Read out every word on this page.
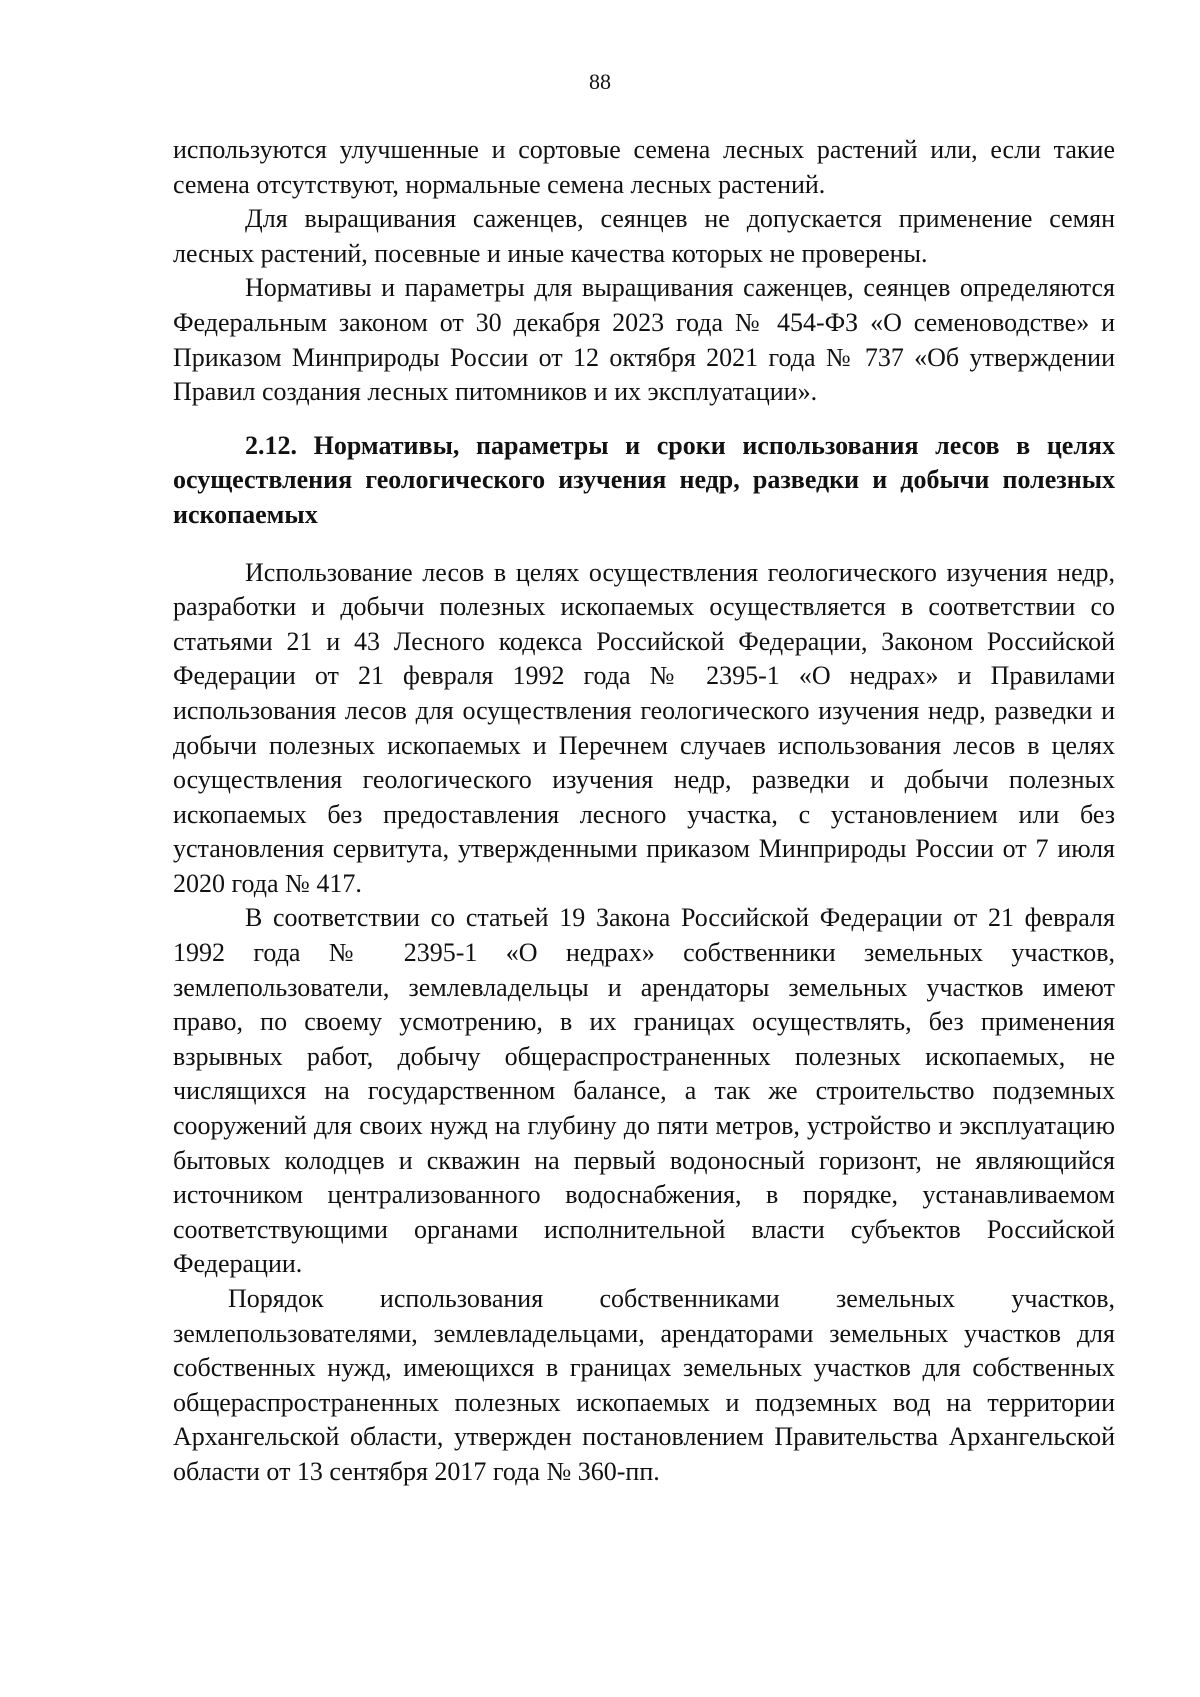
88

используются улучшенные и сортовые семена лесных растений или, если такие семена отсутствуют, нормальные семена лесных растений.

Для выращивания саженцев, сеянцев не допускается применение семян лесных растений, посевные и иные качества которых не проверены.

Нормативы и параметры для выращивания саженцев, сеянцев определяются Федеральным законом от 30 декабря 2023 года № 454-ФЗ «О семеноводстве» и Приказом Минприроды России от 12 октября 2021 года № 737 «Об утверждении Правил создания лесных питомников и их эксплуатации».

2.12. Нормативы, параметры и сроки использования лесов в целях осуществления геологического изучения недр, разведки и добычи полезных ископаемых

Использование лесов в целях осуществления геологического изучения недр, разработки и добычи полезных ископаемых осуществляется в соответствии со статьями 21 и 43 Лесного кодекса Российской Федерации, Законом Российской Федерации от 21 февраля 1992 года № 2395-1 «О недрах» и Правилами использования лесов для осуществления геологического изучения недр, разведки и добычи полезных ископаемых и Перечнем случаев использования лесов в целях осуществления геологического изучения недр, разведки и добычи полезных ископаемых без предоставления лесного участка, с установлением или без установления сервитута, утвержденными приказом Минприроды России от 7 июля 2020 года № 417.

В соответствии со статьей 19 Закона Российской Федерации от 21 февраля 1992 года № 2395-1 «О недрах» собственники земельных участков, землепользователи, землевладельцы и арендаторы земельных участков имеют право, по своему усмотрению, в их границах осуществлять, без применения взрывных работ, добычу общераспространенных полезных ископаемых, не числящихся на государственном балансе, а так же строительство подземных сооружений для своих нужд на глубину до пяти метров, устройство и эксплуатацию бытовых колодцев и скважин на первый водоносный горизонт, не являющийся источником централизованного водоснабжения, в порядке, устанавливаемом соответствующими органами исполнительной власти субъектов Российской Федерации.

Порядок использования собственниками земельных участков, землепользователями, землевладельцами, арендаторами земельных участков для собственных нужд, имеющихся в границах земельных участков для собственных общераспространенных полезных ископаемых и подземных вод на территории Архангельской области, утвержден постановлением Правительства Архангельской области от 13 сентября 2017 года № 360-пп.
